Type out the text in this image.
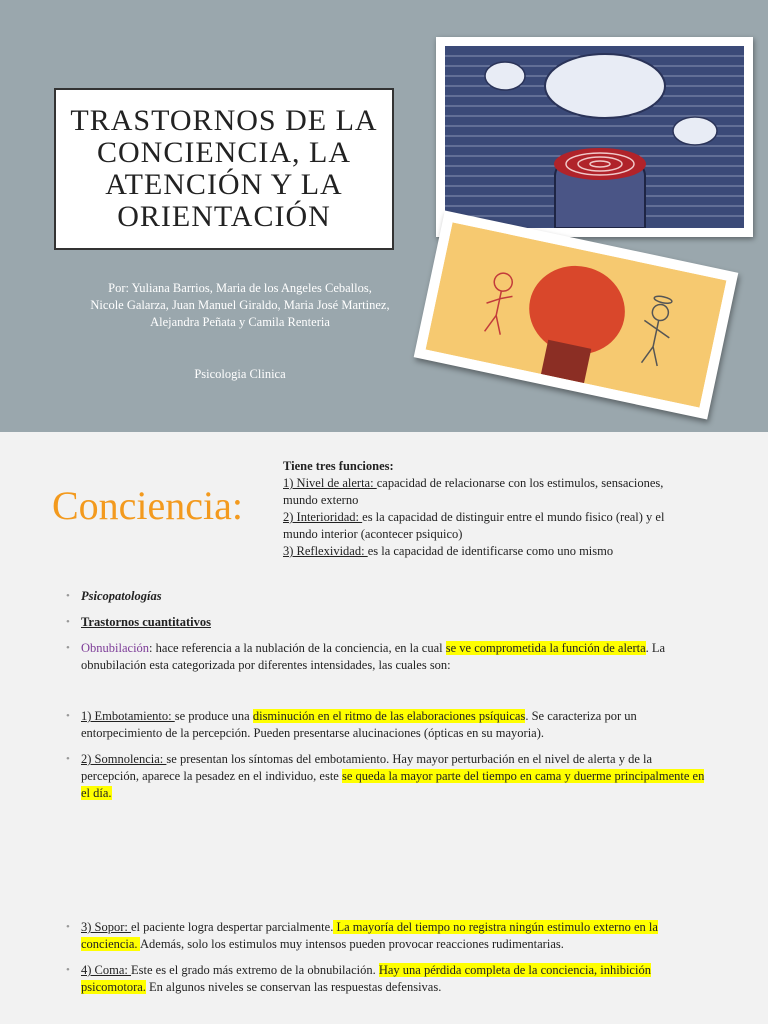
TRASTORNOS DE LA CONCIENCIA, LA ATENCIÓN Y LA ORIENTACIÓN
Por: Yuliana Barrios, Maria de los Angeles Ceballos, Nicole Galarza, Juan Manuel Giraldo, Maria José Martinez, Alejandra Peñata y Camila Renteria
Psicologia Clinica
Conciencia:
Tiene tres funciones:
1) Nivel de alerta: capacidad de relacionarse con los estimulos, sensaciones, mundo externo
2) Interioridad: es la capacidad de distinguir entre el mundo fisico (real) y el mundo interior (acontecer psiquico)
3) Reflexividad: es la capacidad de identificarse como uno mismo
• Psicopatologías
• Trastornos cuantitativos
• Obnubilación: hace referencia a la nublación de la conciencia, en la cual se ve comprometida la función de alerta. La obnubilación esta categorizada por diferentes intensidades, las cuales son:
• 1) Embotamiento: se produce una disminución en el ritmo de las elaboraciones psíquicas. Se caracteriza por un entorpecimiento de la percepción. Pueden presentarse alucinaciones (ópticas en su mayoria).
• 2) Somnolencia: se presentan los síntomas del embotamiento. Hay mayor perturbación en el nivel de alerta y de la percepción, aparece la pesadez en el individuo, este se queda la mayor parte del tiempo en cama y duerme principalmente en el día.
• 3) Sopor: el paciente logra despertar parcialmente. La mayoría del tiempo no registra ningún estimulo externo en la conciencia. Además, solo los estimulos muy intensos pueden provocar reacciones rudimentarias.
• 4) Coma: Este es el grado más extremo de la obnubilación. Hay una pérdida completa de la conciencia, inhibición psicomotora. En algunos niveles se conservan las respuestas defensivas.
